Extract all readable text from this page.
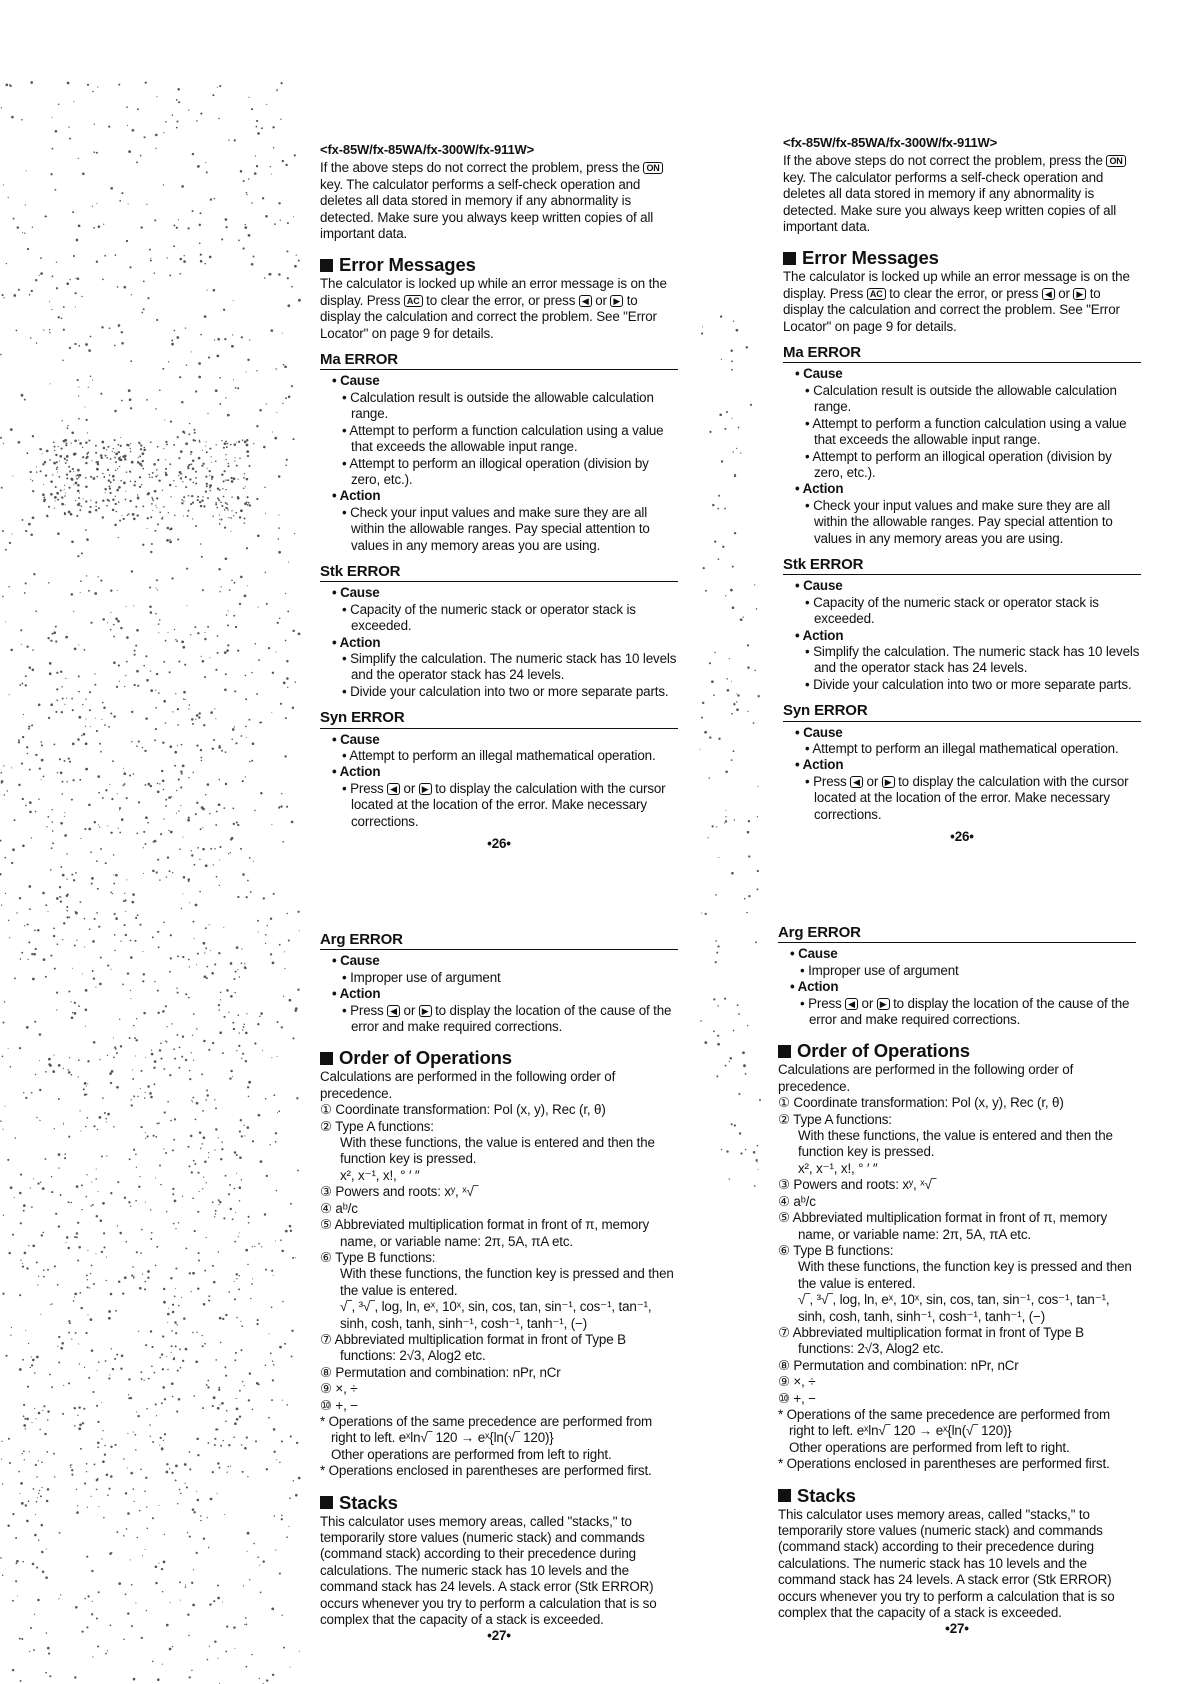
<fx-85W/fx-85WA/fx-300W/fx-911W>

If the above steps do not correct the problem, press the ON key. The calculator performs a self-check operation and deletes all data stored in memory if any abnormality is detected. Make sure you always keep written copies of all important data.

Error Messages

The calculator is locked up while an error message is on the display. Press AC to clear the error, or press ◀ or ▶ to display the calculation and correct the problem. See "Error Locator" on page 9 for details.

Ma ERROR

• Cause

• Calculation result is outside the allowable calculation range.

• Attempt to perform a function calculation using a value that exceeds the allowable input range.

• Attempt to perform an illogical operation (division by zero, etc.).

• Action

• Check your input values and make sure they are all within the allowable ranges. Pay special attention to values in any memory areas you are using.

Stk ERROR

• Cause

• Capacity of the numeric stack or operator stack is exceeded.

• Action

• Simplify the calculation. The numeric stack has 10 levels and the operator stack has 24 levels.

• Divide your calculation into two or more separate parts.

Syn ERROR

• Cause

• Attempt to perform an illegal mathematical operation.

• Action

• Press ◀ or ▶ to display the calculation with the cursor located at the location of the error. Make necessary corrections.

•26•

Arg ERROR

• Cause

• Improper use of argument

• Action

• Press ◀ or ▶ to display the location of the cause of the error and make required corrections.

Order of Operations

Calculations are performed in the following order of precedence.

① Coordinate transformation: Pol (x, y), Rec (r, θ)

② Type A functions:

With these functions, the value is entered and then the function key is pressed.

x², x⁻¹, x!, ° ′ ″

③ Powers and roots: xʸ, ˣ√‾

④ aᵇ/c

⑤ Abbreviated multiplication format in front of π, memory name, or variable name: 2π, 5A, πA etc.

⑥ Type B functions:

With these functions, the function key is pressed and then the value is entered.

√‾, ³√‾, log, ln, eˣ, 10ˣ, sin, cos, tan, sin⁻¹, cos⁻¹, tan⁻¹, sinh, cosh, tanh, sinh⁻¹, cosh⁻¹, tanh⁻¹, (−)

⑦ Abbreviated multiplication format in front of Type B functions: 2√3, Alog2 etc.

⑧ Permutation and combination: nPr, nCr

⑨ ×, ÷

⑩ +, −

* Operations of the same precedence are performed from right to left. eˣln√‾ 120 → eˣ{ln(√‾ 120)}

Other operations are performed from left to right.

* Operations enclosed in parentheses are performed first.

Stacks

This calculator uses memory areas, called "stacks," to temporarily store values (numeric stack) and commands (command stack) according to their precedence during calculations. The numeric stack has 10 levels and the command stack has 24 levels. A stack error (Stk ERROR) occurs whenever you try to perform a calculation that is so complex that the capacity of a stack is exceeded.

•27•

<fx-85W/fx-85WA/fx-300W/fx-911W>

If the above steps do not correct the problem, press the ON key. The calculator performs a self-check operation and deletes all data stored in memory if any abnormality is detected. Make sure you always keep written copies of all important data.

Error Messages

The calculator is locked up while an error message is on the display. Press AC to clear the error, or press ◀ or ▶ to display the calculation and correct the problem. See "Error Locator" on page 9 for details.

Ma ERROR

• Cause

• Calculation result is outside the allowable calculation range.

• Attempt to perform a function calculation using a value that exceeds the allowable input range.

• Attempt to perform an illogical operation (division by zero, etc.).

• Action

• Check your input values and make sure they are all within the allowable ranges. Pay special attention to values in any memory areas you are using.

Stk ERROR

• Cause

• Capacity of the numeric stack or operator stack is exceeded.

• Action

• Simplify the calculation. The numeric stack has 10 levels and the operator stack has 24 levels.

• Divide your calculation into two or more separate parts.

Syn ERROR

• Cause

• Attempt to perform an illegal mathematical operation.

• Action

• Press ◀ or ▶ to display the calculation with the cursor located at the location of the error. Make necessary corrections.

•26•

Arg ERROR

• Cause

• Improper use of argument

• Action

• Press ◀ or ▶ to display the location of the cause of the error and make required corrections.

Order of Operations

Calculations are performed in the following order of precedence.

① Coordinate transformation: Pol (x, y), Rec (r, θ)

② Type A functions:

With these functions, the value is entered and then the function key is pressed.

x², x⁻¹, x!, ° ′ ″

③ Powers and roots: xʸ, ˣ√‾

④ aᵇ/c

⑤ Abbreviated multiplication format in front of π, memory name, or variable name: 2π, 5A, πA etc.

⑥ Type B functions:

With these functions, the function key is pressed and then the value is entered.

√‾, ³√‾, log, ln, eˣ, 10ˣ, sin, cos, tan, sin⁻¹, cos⁻¹, tan⁻¹, sinh, cosh, tanh, sinh⁻¹, cosh⁻¹, tanh⁻¹, (−)

⑦ Abbreviated multiplication format in front of Type B functions: 2√3, Alog2 etc.

⑧ Permutation and combination: nPr, nCr

⑨ ×, ÷

⑩ +, −

* Operations of the same precedence are performed from right to left. eˣln√‾ 120 → eˣ{ln(√‾ 120)}

Other operations are performed from left to right.

* Operations enclosed in parentheses are performed first.

Stacks

This calculator uses memory areas, called "stacks," to temporarily store values (numeric stack) and commands (command stack) according to their precedence during calculations. The numeric stack has 10 levels and the command stack has 24 levels. A stack error (Stk ERROR) occurs whenever you try to perform a calculation that is so complex that the capacity of a stack is exceeded.

•27•
